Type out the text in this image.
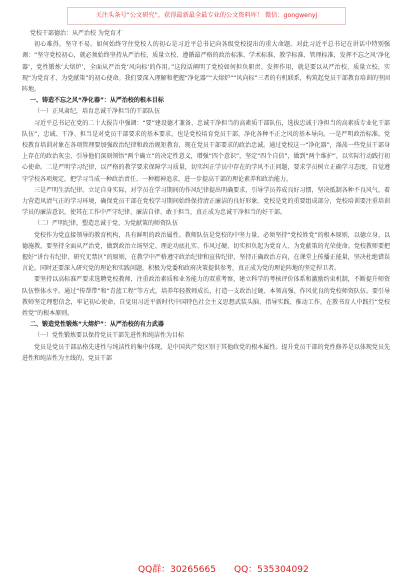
关注头条号“公文研究”，获得最新最全最专业的公文资料库！ 微信：gongwenyj

党校干部德治：从严治校 为党育才

初心难得，坚守不易。如何始终守住党校人的初心是习近平总书记向各级党校提出的重大命题。对此习近平总书记在讲话中特别强调：“坚守党校初心，就必须始终坚持从严治校、质量立校、遵循最严格的政治标准、学术标准、教学标准、管理标准，发挥不忘之风‘净化器’，党性锻炼‘大熔炉’，全面从严治党‘风向标’的作用。”这段话阐明了党校如何担负职责、发挥作用，就是要以从严治校、质量立校，实现“为党育才，为党献策”的初心使命。我们要深入理解和把握“净化器”“大熔炉”“风向标”三者的有机联系，构筑起党员干部教育培训的坚固阵地。

一、铸造不忘之风“净化器”：从严治校的根本目标

（一）正风肃纪，培育忠诚干净担当的干部队伍

习近平总书记在党的二十大报告中强调：“要”建设德才兼备、忠诚干净担当的高素质干部队伍，选拔忠诚于净担当的高素质专业化干部队伍”，忠诚、干净、担当是对党员干部要求的基本要求，也是党校培育党员干部，净化各种不正之风的基本导向。一是严明政治标准。党校教育培训对象在各项管理要加强政治纪律和政治规矩教育，现在党员干部要求的政治忠诚。通过党校这一“净化器”，涤荡一些党员干部身上存在的政治灰尘，引导他们深刻领悟“两个确立”的决定性意义，增强“四个意识”，坚定“四个自信”，做到“两个维护”，以实际行动践行初心使命。二是严明学习纪律，以严格的教学要求保障学习质量，切实纠正学员中存在的学风不正问题，要求学员树立正确学习态度，自觉遵守学校各项规定，把学习当成一种政治责任、一种精神追求，进一步提高干部的理论素养和政治能力。

三是严明生活纪律。立足自身实际，对学员在学习期间的作风纪律提出明确要求，引导学员养成良好习惯，坚决抵制各种不良风气，着力营造风清气正的学习环境，确保党员干部在党校学习期间始终保持清正廉洁的良好形象。党校是党的重要组成部分，党校培训要注重培训学员的廉洁意识，使其在工作中严守纪律、廉洁自律、敢于担当，真正成为忠诚干净担当的好干部。

（二）严明纪律，塑造忠诚于党、为党献策的师资队伍

党校作为党直接领导的教育机构，具有鲜明的政治属性。教师队伍是党校的中坚力量，必须坚持“党校姓党”的根本原则，以德立身、以德施教。要坚持全面从严治党，做到政治立场坚定、理论功底扎实、作风过硬，切实担负起为党育人、为党献策的光荣使命。党校教师要把握好“讲台有纪律、研究无禁区”的原则，在教学中严格遵守政治纪律和宣传纪律，坚持正确政治方向，在课堂上传播正能量，坚决杜绝错误言论。同时还要深入研究党的理论和实践问题，积极为党委和政府决策提供参考，真正成为党的理论阵地的坚定捍卫者。

要坚持以高标准严要求选聘党校教师，注重政治素质和业务能力的双重考察，建立科学的考核评价体系和激励约束机制，不断提升师资队伍整体水平。通过“传帮带”和“青蓝工程”等方式，培养年轻教师成长，打造一支政治过硬、本领高强、作风优良的党校师资队伍。要引导教师坚定理想信念，牢记初心使命，自觉用习近平新时代中国特色社会主义思想武装头脑、指导实践、推动工作，在教书育人中践行“党校姓党”的根本原则。

二、锻造党性锻炼“大熔炉”：从严治校的有力武器

（一）党性锻炼要以保持党员干部先进性和纯洁性为目标

党员是党员干部品格先进性与纯洁性的集中体现，是中国共产党区别于其他政党的根本属性。提升党员干部的党性修养是以体现党员先进性和纯洁性为主线的，党员干部

QQ群：30265665 QQ：535304092
